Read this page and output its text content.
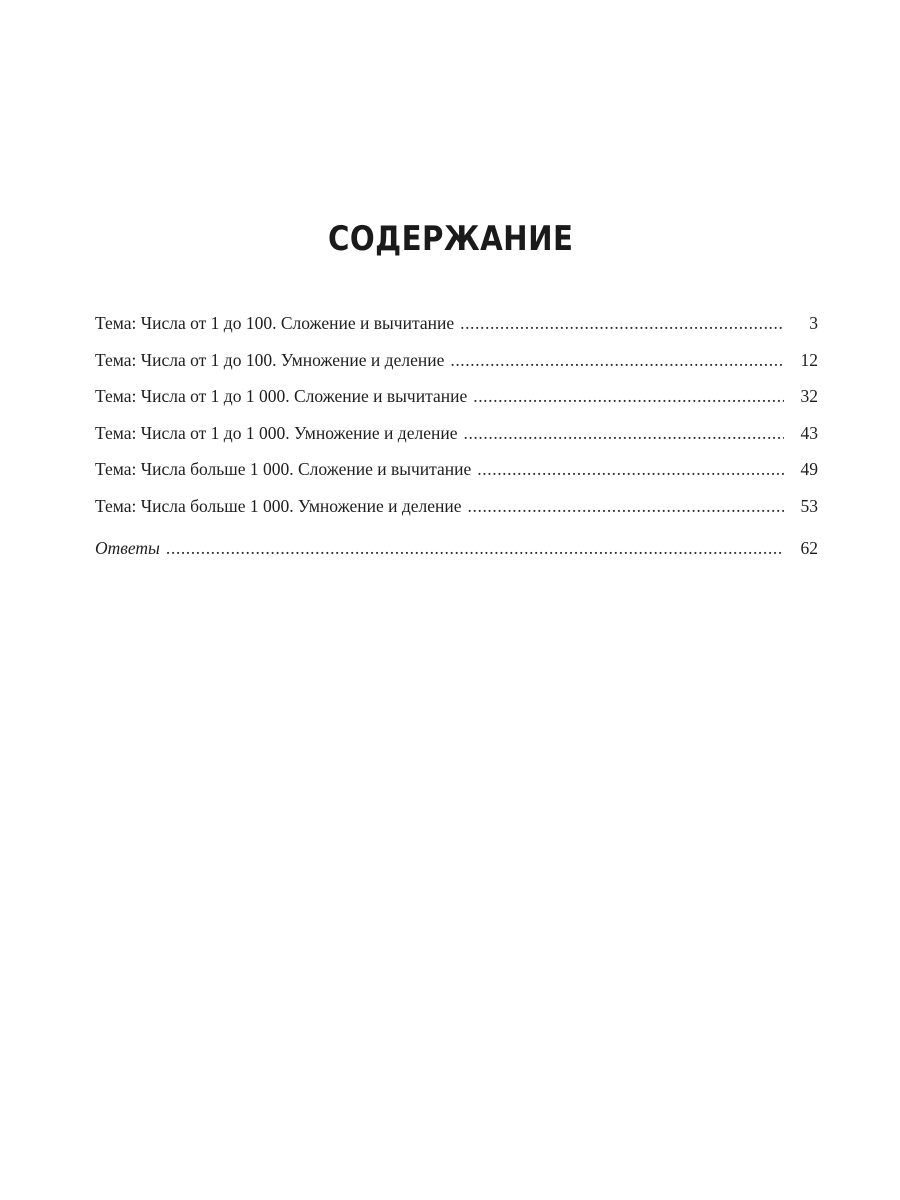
СОДЕРЖАНИЕ
Тема: Числа от 1 до 100. Сложение и вычитание .....	3
Тема: Числа от 1 до 100. Умножение и деление .....	12
Тема: Числа от 1 до 1 000. Сложение и вычитание .....	32
Тема: Числа от 1 до 1 000. Умножение и деление .....	43
Тема: Числа больше 1 000. Сложение и вычитание .....	49
Тема: Числа больше 1 000. Умножение и деление .....	53
Ответы .....	62
